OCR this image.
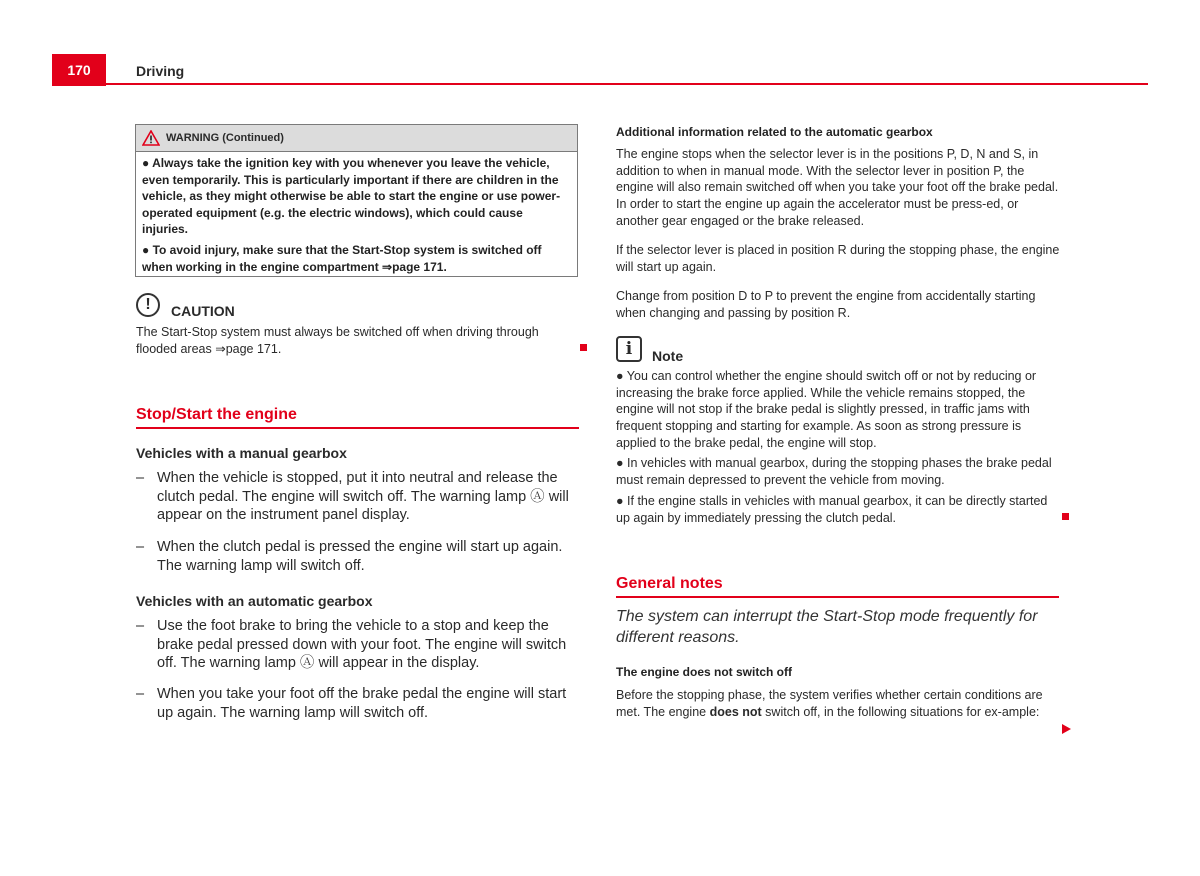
170	Driving
WARNING (Continued)

● Always take the ignition key with you whenever you leave the vehicle, even temporarily. This is particularly important if there are children in the vehicle, as they might otherwise be able to start the engine or use power-operated equipment (e.g. the electric windows), which could cause injuries.

● To avoid injury, make sure that the Start-Stop system is switched off when working in the engine compartment ⇒page 171.

!	CAUTION
The Start-Stop system must always be switched off when driving through flooded areas ⇒page 171.
Stop/Start the engine
Vehicles with a manual gearbox
– When the vehicle is stopped, put it into neutral and release the clutch pedal. The engine will switch off. The warning lamp Ⓐ will appear on the instrument panel display.
– When the clutch pedal is pressed the engine will start up again. The warning lamp will switch off.
Vehicles with an automatic gearbox
– Use the foot brake to bring the vehicle to a stop and keep the brake pedal pressed down with your foot. The engine will switch off. The warning lamp Ⓐ will appear in the display.
– When you take your foot off the brake pedal the engine will start up again. The warning lamp will switch off.
Additional information related to the automatic gearbox
The engine stops when the selector lever is in the positions P, D, N and S, in addition to when in manual mode. With the selector lever in position P, the engine will also remain switched off when you take your foot off the brake pedal. In order to start the engine up again the accelerator must be press-ed, or another gear engaged or the brake released.
If the selector lever is placed in position R during the stopping phase, the engine will start up again.
Change from position D to P to prevent the engine from accidentally starting when changing and passing by position R.
i	Note
● You can control whether the engine should switch off or not by reducing or increasing the brake force applied. While the vehicle remains stopped, the engine will not stop if the brake pedal is slightly pressed, in traffic jams with frequent stopping and starting for example. As soon as strong pressure is applied to the brake pedal, the engine will stop.
● In vehicles with manual gearbox, during the stopping phases the brake pedal must remain depressed to prevent the vehicle from moving.
● If the engine stalls in vehicles with manual gearbox, it can be directly started up again by immediately pressing the clutch pedal.
General notes
The system can interrupt the Start-Stop mode frequently for different reasons.
The engine does not switch off
Before the stopping phase, the system verifies whether certain conditions are met. The engine does not switch off, in the following situations for ex-ample:
